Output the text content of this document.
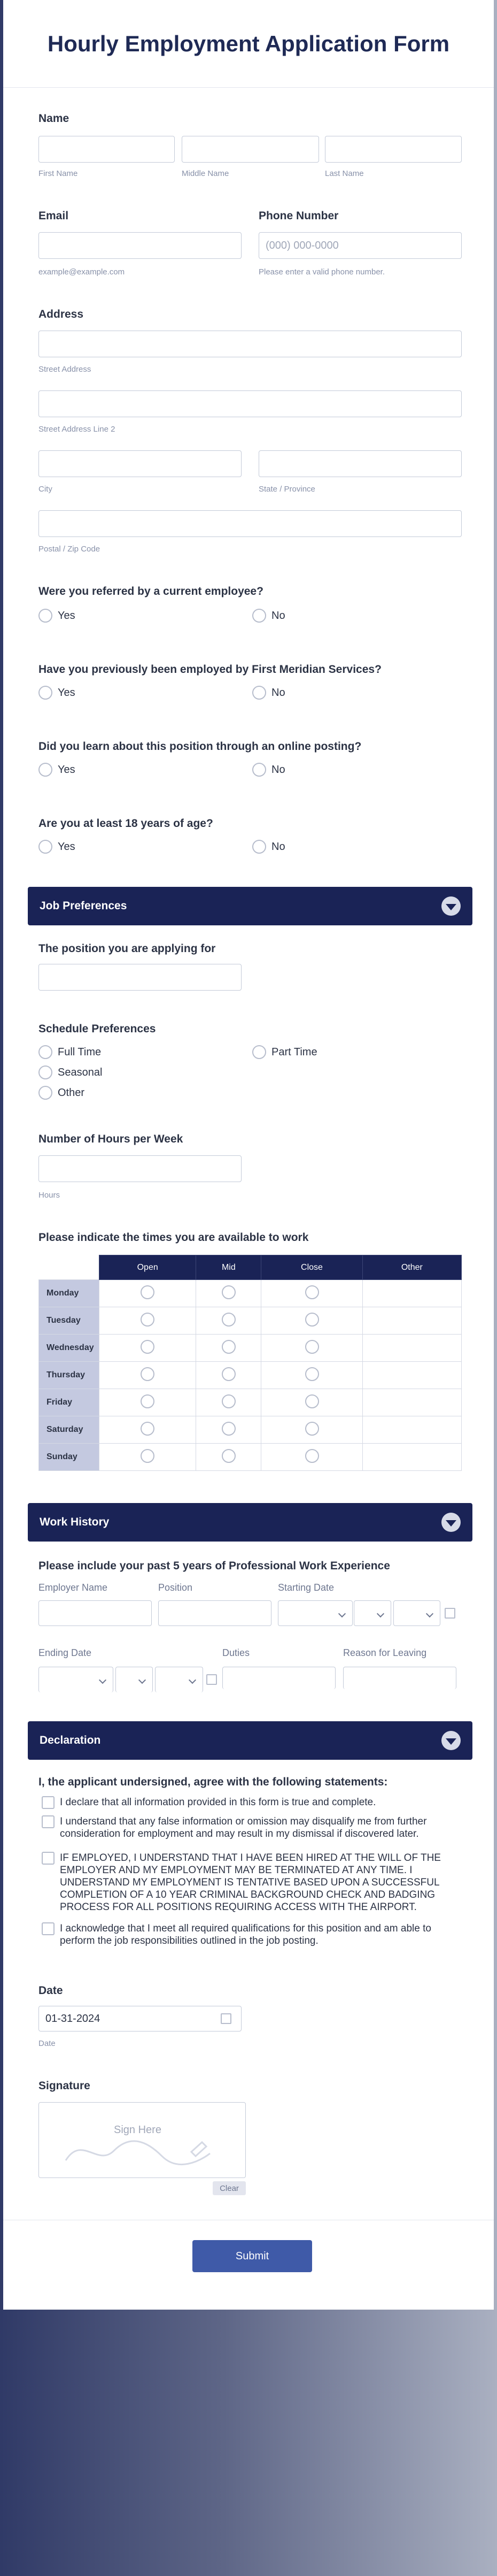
Hourly Employment Application Form
Name
First Name	Middle Name	Last Name
Email	Phone Number
(000) 000-0000
example@example.com	Please enter a valid phone number.
Address
Street Address
Street Address Line 2
City	State / Province
Postal / Zip Code
Were you referred by a current employee?
Yes	No
Have you previously been employed by First Meridian Services?
Yes	No
Did you learn about this position through an online posting?
Yes	No
Are you at least 18 years of age?
Yes	No
Job Preferences
The position you are applying for
Schedule Preferences
Full Time	Part Time
Seasonal
Other
Number of Hours per Week
Hours
Please indicate the times you are available to work
	Open	Mid	Close	Other
Monday				
Tuesday				
Wednesday				
Thursday				
Friday				
Saturday				
Sunday				
Work History
Please include your past 5 years of Professional Work Experience
Employer Name	Position	Starting Date
Ending Date	Duties	Reason for Leaving
Declaration
I, the applicant undersigned, agree with the following statements:
I declare that all information provided in this form is true and complete.
I understand that any false information or omission may disqualify me from further consideration for employment and may result in my dismissal if discovered later.
IF EMPLOYED, I UNDERSTAND THAT I HAVE BEEN HIRED AT THE WILL OF THE EMPLOYER AND MY EMPLOYMENT MAY BE TERMINATED AT ANY TIME. I UNDERSTAND MY EMPLOYMENT IS TENTATIVE BASED UPON A SUCCESSFUL COMPLETION OF A 10 YEAR CRIMINAL BACKGROUND CHECK AND BADGING PROCESS FOR ALL POSITIONS REQUIRING ACCESS WITH THE AIRPORT.
I acknowledge that I meet all required qualifications for this position and am able to perform the job responsibilities outlined in the job posting.
Date
01-31-2024
Date
Signature
Sign Here
Clear
Submit
